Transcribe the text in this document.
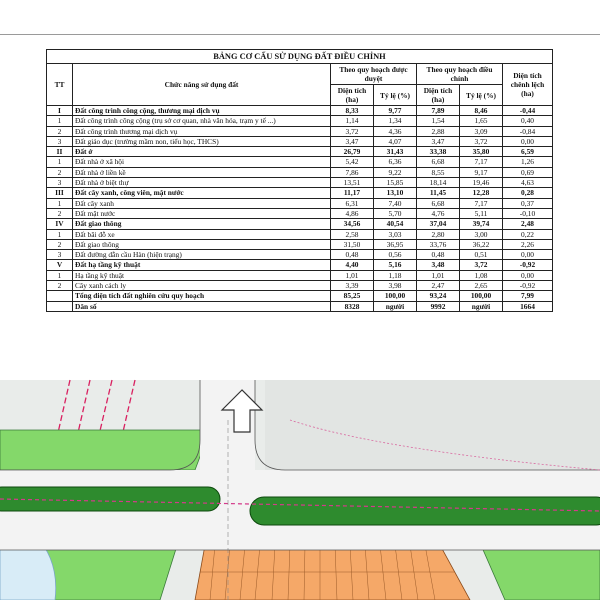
BẢNG CƠ CẤU SỬ DỤNG ĐẤT ĐIỀU CHỈNH						
TT	Chức năng sử dụng đất	Theo quy hoạch được duyệt		Theo quy hoạch điều chỉnh		Diện tích chênh lệch (ha)
		Diện tích (ha)	Tỷ lệ (%)	Diện tích (ha)	Tỷ lệ (%)	
I	Đất công trình công cộng, thương mại dịch vụ	8,33	9,77	7,89	8,46	-0,44
1	Đất công trình công cộng (trụ sở cơ quan, nhà văn hóa, trạm y tế ...)	1,14	1,34	1,54	1,65	0,40
2	Đất công trình thương mại dịch vụ	3,72	4,36	2,88	3,09	-0,84
3	Đất giáo dục (trường mầm non, tiểu học, THCS)	3,47	4,07	3,47	3,72	0,00
II	Đất ở	26,79	31,43	33,38	35,80	6,59
1	Đất nhà ở xã hội	5,42	6,36	6,68	7,17	1,26
2	Đất nhà ở liền kề	7,86	9,22	8,55	9,17	0,69
3	Đất nhà ở biệt thự	13,51	15,85	18,14	19,46	4,63
III	Đất cây xanh, công viên, mặt nước	11,17	13,10	11,45	12,28	0,28
1	Đất cây xanh	6,31	7,40	6,68	7,17	0,37
2	Đất mặt nước	4,86	5,70	4,76	5,11	-0,10
IV	Đất giao thông	34,56	40,54	37,04	39,74	2,48
1	Đất bãi đỗ xe	2,58	3,03	2,80	3,00	0,22
2	Đất giao thông	31,50	36,95	33,76	36,22	2,26
3	Đất đường dẫn cầu Hàn (hiện trạng)	0,48	0,56	0,48	0,51	0,00
V	Đất hạ tầng kỹ thuật	4,40	5,16	3,48	3,72	-0,92
1	Hạ tầng kỹ thuật	1,01	1,18	1,01	1,08	0,00
2	Cây xanh cách ly	3,39	3,98	2,47	2,65	-0,92
	Tổng diện tích đất nghiên cứu quy hoạch	85,25	100,00	93,24	100,00	7,99
	Dân số	8328	người	9992	người	1664
